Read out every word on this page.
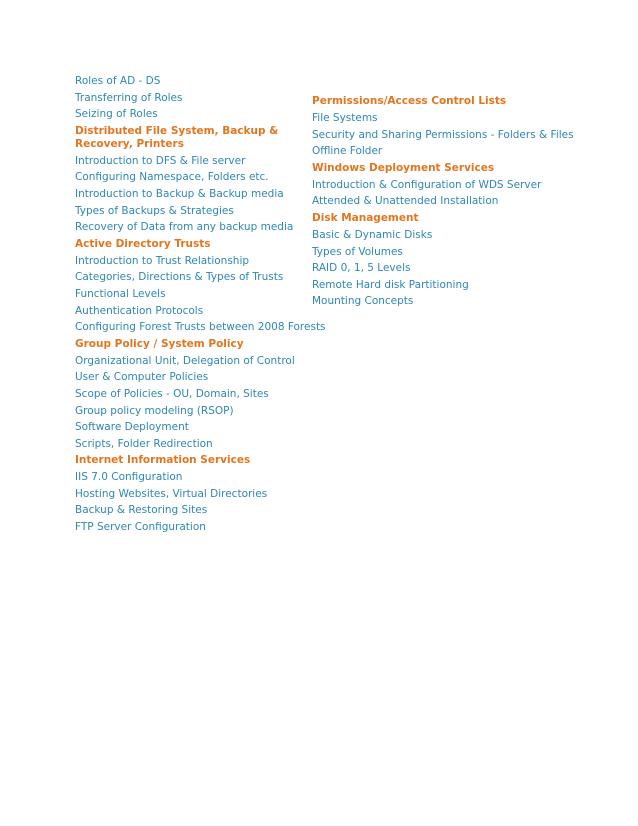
Roles of AD - DS
Transferring of Roles
Seizing of Roles
Distributed File System, Backup & Recovery, Printers
Introduction to DFS & File server
Configuring Namespace, Folders etc.
Introduction to Backup & Backup media
Types of Backups & Strategies
Recovery of Data from any backup media
Active Directory Trusts
Introduction to Trust Relationship
Categories, Directions & Types of Trusts
Functional Levels
Authentication Protocols
Configuring Forest Trusts between 2008 Forests
Group Policy / System Policy
Organizational Unit, Delegation of Control
User & Computer Policies
Scope of Policies - OU, Domain, Sites
Group policy modeling (RSOP)
Software Deployment
Scripts, Folder Redirection
Internet Information Services
IIS 7.0 Configuration
Hosting Websites, Virtual Directories
Backup & Restoring Sites
FTP Server Configuration
Permissions/Access Control Lists
File Systems
Security and Sharing Permissions - Folders & Files
Offline Folder
Windows Deployment Services
Introduction & Configuration of WDS Server
Attended & Unattended Installation
Disk Management
Basic & Dynamic Disks
Types of Volumes
RAID 0, 1, 5 Levels
Remote Hard disk Partitioning
Mounting Concepts
